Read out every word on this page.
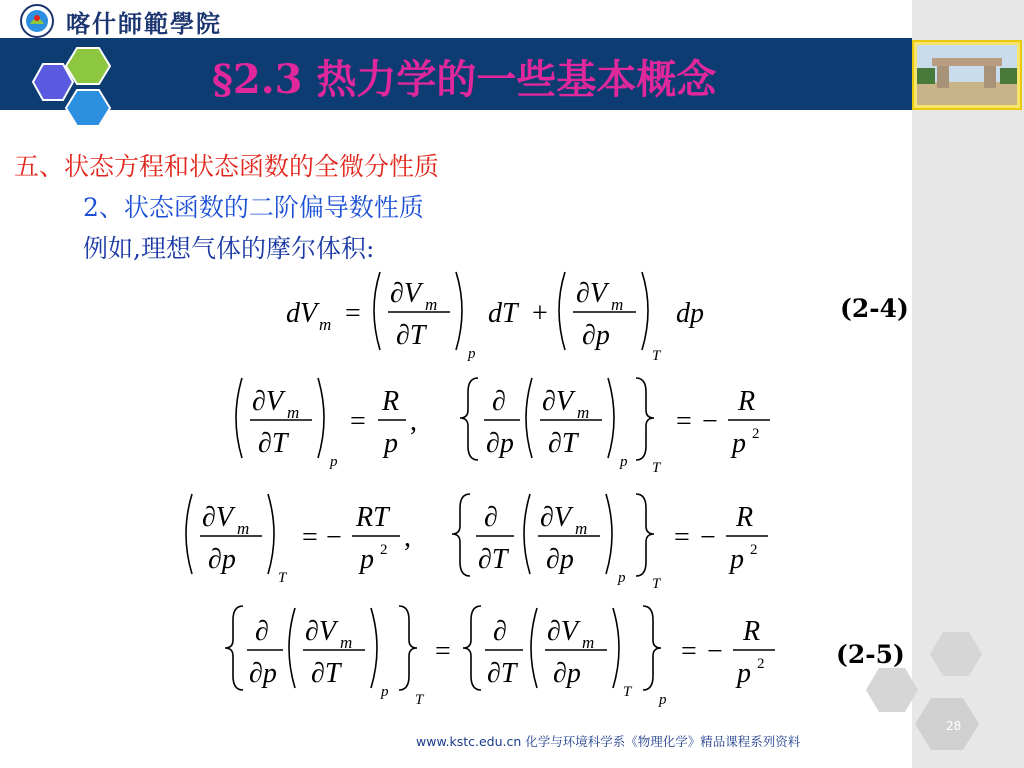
喀什師範學院
§2.3 热力学的一些基本概念
五、状态方程和状态函数的全微分性质
2、状态函数的二阶偏导数性质
例如,理想气体的摩尔体积:
dV m =
∂V m
∂T
p
dT +
∂V m
∂p
T
dp	(2-4)
∂V m
∂T
p
=
R
p
,
∂
∂p
∂V m
∂T
p T
= −
R
p 2
∂V m
∂p
T
= −
RT
p 2 ,
∂
∂T
∂V m
∂p
p T
= −
R
p 2
∂
∂p
∂V m
∂T
p T
=
∂
∂T
∂V m
∂p
T p
= −
R
p 2	(2-5)
www.kstc.edu.cn 化学与环境科学系《物理化学》精品课程系列资料
28
